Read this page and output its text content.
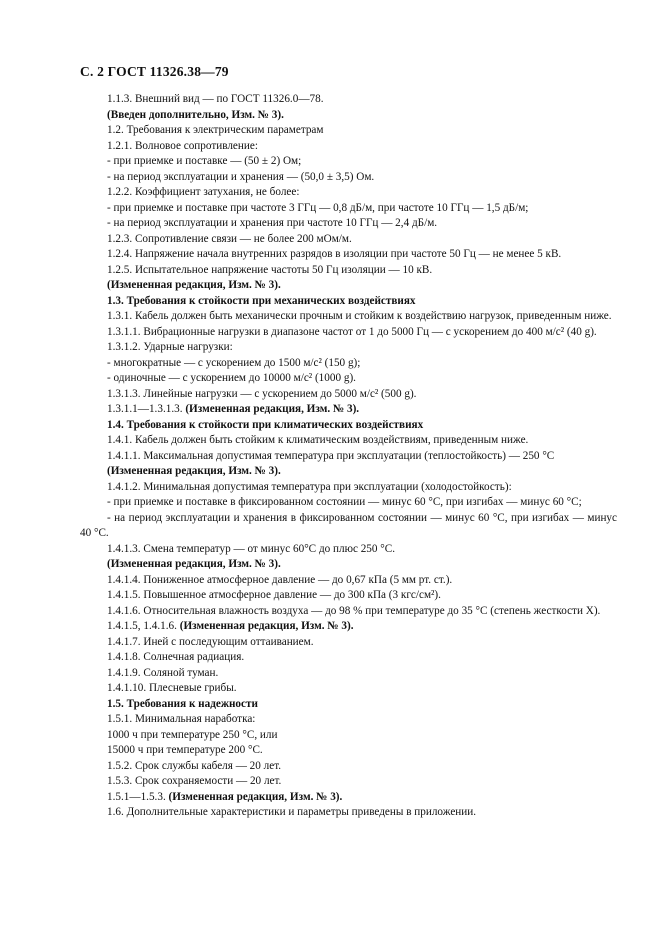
С. 2 ГОСТ 11326.38—79

1.1.3. Внешний вид — по ГОСТ 11326.0—78.

(Введен дополнительно, Изм. № 3).

1.2. Требования к электрическим параметрам

1.2.1. Волновое сопротивление:

- при приемке и поставке — (50 ± 2) Ом;

- на период эксплуатации и хранения — (50,0 ± 3,5) Ом.

1.2.2. Коэффициент затухания, не более:

- при приемке и поставке при частоте 3 ГГц — 0,8 дБ/м, при частоте 10 ГГц — 1,5 дБ/м;

- на период эксплуатации и хранения при частоте 10 ГГц — 2,4 дБ/м.

1.2.3. Сопротивление связи — не более 200 мОм/м.

1.2.4. Напряжение начала внутренних разрядов в изоляции при частоте 50 Гц — не менее 5 кВ.

1.2.5. Испытательное напряжение частоты 50 Гц изоляции — 10 кВ.

(Измененная редакция, Изм. № 3).

1.3. Требования к стойкости при механических воздействиях

1.3.1. Кабель должен быть механически прочным и стойким к воздействию нагрузок, приведенным ниже.

1.3.1.1. Вибрационные нагрузки в диапазоне частот от 1 до 5000 Гц — с ускорением до 400 м/с² (40 g).

1.3.1.2. Ударные нагрузки:

- многократные — с ускорением до 1500 м/с² (150 g);

- одиночные — с ускорением до 10000 м/с² (1000 g).

1.3.1.3. Линейные нагрузки — с ускорением до 5000 м/с² (500 g).

1.3.1.1—1.3.1.3. (Измененная редакция, Изм. № 3).

1.4. Требования к стойкости при климатических воздействиях

1.4.1. Кабель должен быть стойким к климатическим воздействиям, приведенным ниже.

1.4.1.1. Максимальная допустимая температура при эксплуатации (теплостойкость) — 250 °С

(Измененная редакция, Изм. № 3).

1.4.1.2. Минимальная допустимая температура при эксплуатации (холодостойкость):

- при приемке и поставке в фиксированном состоянии — минус 60 °С, при изгибах — минус 60 °С;

- на период эксплуатации и хранения в фиксированном состоянии — минус 60 °С, при изгибах — минус 40 °С.

1.4.1.3. Смена температур — от минус 60°С до плюс 250 °С.

(Измененная редакция, Изм. № 3).

1.4.1.4. Пониженное атмосферное давление — до 0,67 кПа (5 мм рт. ст.).

1.4.1.5. Повышенное атмосферное давление — до 300 кПа (3 кгс/см²).

1.4.1.6. Относительная влажность воздуха — до 98 % при температуре до 35 °С (степень жесткости X).

1.4.1.5, 1.4.1.6. (Измененная редакция, Изм. № 3).

1.4.1.7. Иней с последующим оттаиванием.

1.4.1.8. Солнечная радиация.

1.4.1.9. Соляной туман.

1.4.1.10. Плесневые грибы.

1.5. Требования к надежности

1.5.1. Минимальная наработка:

1000 ч при температуре 250 °С, или

15000 ч при температуре 200 °С.

1.5.2. Срок службы кабеля — 20 лет.

1.5.3. Срок сохраняемости — 20 лет.

1.5.1—1.5.3. (Измененная редакция, Изм. № 3).

1.6. Дополнительные характеристики и параметры приведены в приложении.
